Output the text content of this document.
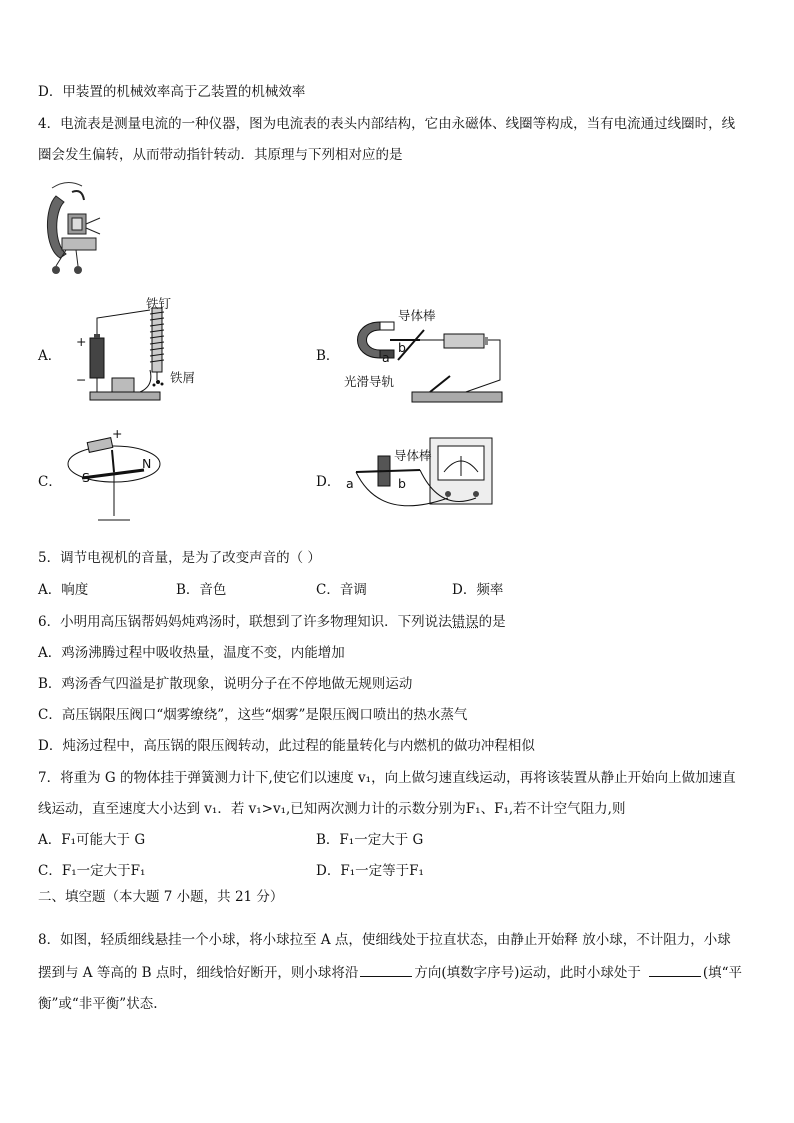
D．甲装置的机械效率高于乙装置的机械效率
4．电流表是测量电流的一种仪器，图为电流表的表头内部结构，它由永磁体、线圈等构成，当有电流通过线圈时，线
圈会发生偏转，从而带动指针转动．其原理与下列相对应的是
A．	B．
C．	D．
铁钉
铁屑
+
−
导体棒
光滑导轨
a
b
S
N
+
导体棒
a	b
5．调节电视机的音量，是为了改变声音的（ ）
A．响度	B．音色	C．音调	D．频率
6．小明用高压锅帮妈妈炖鸡汤时，联想到了许多物理知识．下列说法错误的是
A．鸡汤沸腾过程中吸收热量，温度不变，内能增加
B．鸡汤香气四溢是扩散现象，说明分子在不停地做无规则运动
C．高压锅限压阀口“烟雾缭绕”，这些“烟雾”是限压阀口喷出的热水蒸气
D．炖汤过程中，高压锅的限压阀转动，此过程的能量转化与内燃机的做功冲程相似
7．将重为 G 的物体挂于弹簧测力计下,使它们以速度 v₁，向上做匀速直线运动，再将该装置从静止开始向上做加速直
线运动，直至速度大小达到 v₁．若 v₁>v₁,已知两次测力计的示数分别为F₁、F₁,若不计空气阻力,则
A．F₁可能大于 G	B．F₁一定大于 G
C．F₁一定大于F₁	D．F₁一定等于F₁
二、填空题（本大题 7 小题，共 21 分）
8．如图，轻质细线悬挂一个小球，将小球拉至 A 点，使细线处于拉直状态，由静止开始释 放小球，不计阻力，小球
摆到与 A 等高的 B 点时，细线恰好断开，则小球将沿	方向(填数字序号)运动，此时小球处于	(填“平
衡”或“非平衡”状态.
